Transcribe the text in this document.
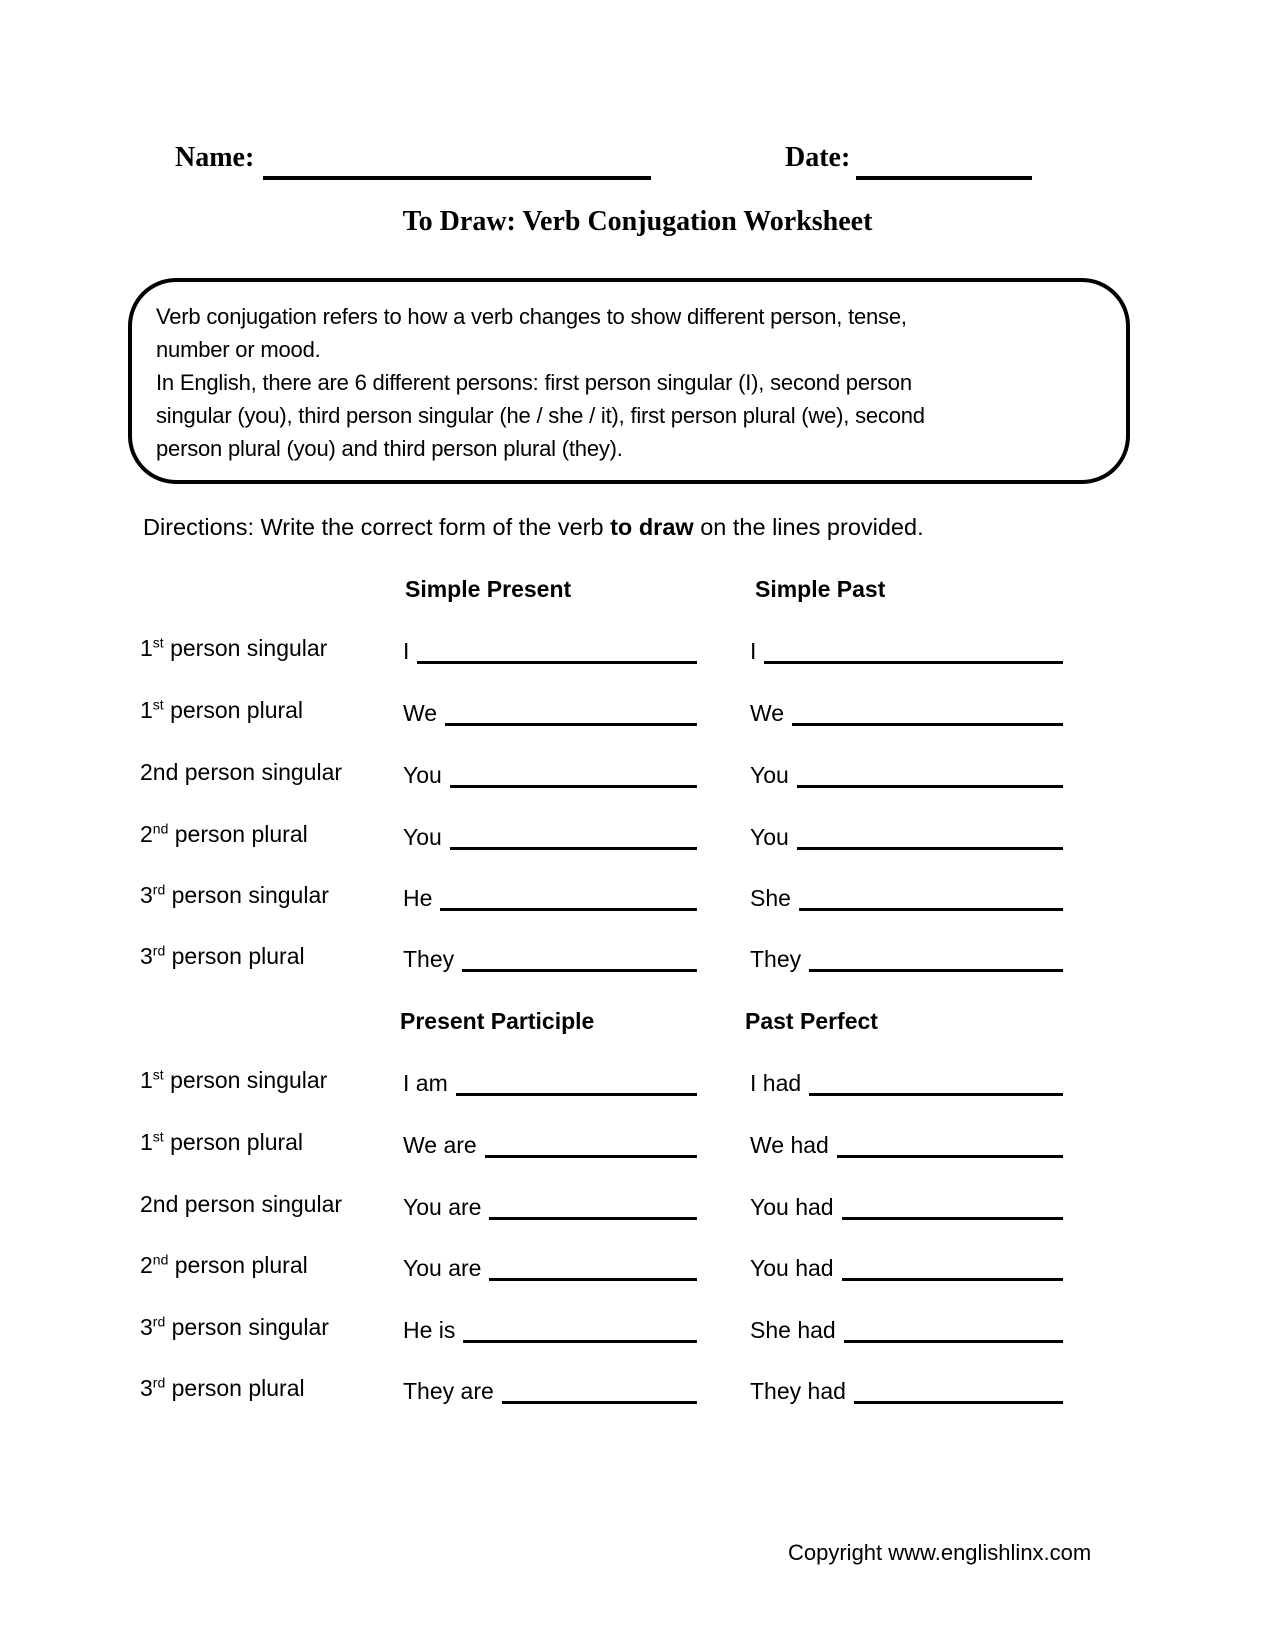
Name:	Date:
To Draw: Verb Conjugation Worksheet
Verb conjugation refers to how a verb changes to show different person, tense,
number or mood.
In English, there are 6 different persons: first person singular (I), second person
singular (you), third person singular (he / she / it), first person plural (we), second
person plural (you) and third person plural (they).

Directions: Write the correct form of the verb to draw on the lines provided.

Simple Present	Simple Past
1st person singular	I	I
1st person plural	We	We
2nd person singular	You	You
2nd person plural	You	You
3rd person singular	He	She
3rd person plural	They	They
Present Participle	Past Perfect
1st person singular	I am	I had
1st person plural	We are	We had
2nd person singular	You are	You had
2nd person plural	You are	You had
3rd person singular	He is	She had
3rd person plural	They are	They had
Copyright www.englishlinx.com
